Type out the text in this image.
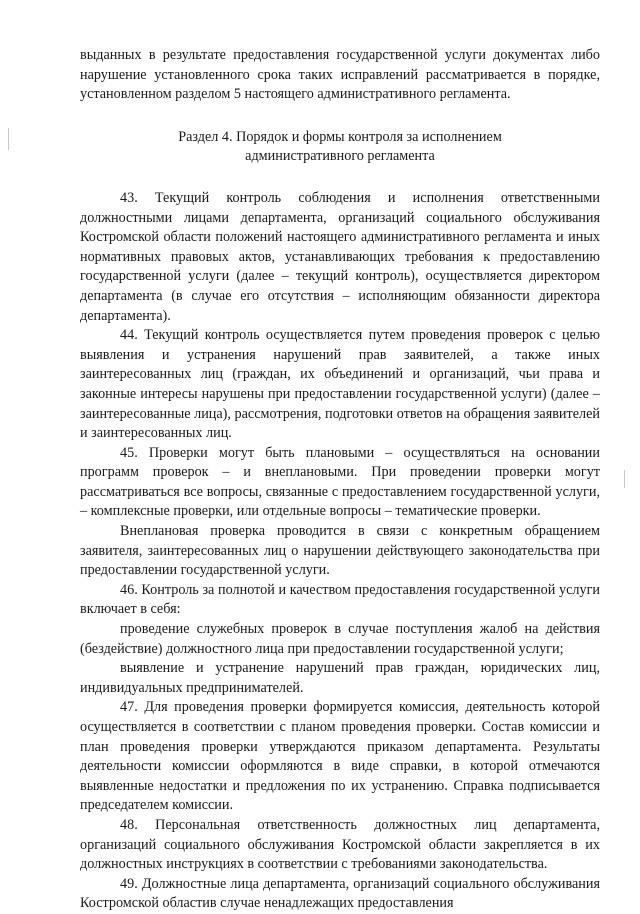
выданных в результате предоставления государственной услуги документах либо нарушение установленного срока таких исправлений рассматривается в порядке, установленном разделом 5 настоящего административного регламента.

Раздел 4. Порядок и формы контроля за исполнением
административного регламента

43. Текущий контроль соблюдения и исполнения ответственными должностными лицами департамента, организаций социального обслуживания Костромской области положений настоящего административного регламента и иных нормативных правовых актов, устанавливающих требования к предоставлению государственной услуги (далее – текущий контроль), осуществляется директором департамента (в случае его отсутствия – исполняющим обязанности директора департамента).

44. Текущий контроль осуществляется путем проведения проверок с целью выявления и устранения нарушений прав заявителей, а также иных заинтересованных лиц (граждан, их объединений и организаций, чьи права и законные интересы нарушены при предоставлении государственной услуги) (далее – заинтересованные лица), рассмотрения, подготовки ответов на обращения заявителей и заинтересованных лиц.

45. Проверки могут быть плановыми – осуществляться на основании программ проверок – и внеплановыми. При проведении проверки могут рассматриваться все вопросы, связанные с предоставлением государственной услуги, – комплексные проверки, или отдельные вопросы – тематические проверки.

Внеплановая проверка проводится в связи с конкретным обращением заявителя, заинтересованных лиц о нарушении действующего законодательства при предоставлении государственной услуги.

46. Контроль за полнотой и качеством предоставления государственной услуги включает в себя:

проведение служебных проверок в случае поступления жалоб на действия (бездействие) должностного лица при предоставлении государственной услуги;

выявление и устранение нарушений прав граждан, юридических лиц, индивидуальных предпринимателей.

47. Для проведения проверки формируется комиссия, деятельность которой осуществляется в соответствии с планом проведения проверки. Состав комиссии и план проведения проверки утверждаются приказом департамента. Результаты деятельности комиссии оформляются в виде справки, в которой отмечаются выявленные недостатки и предложения по их устранению. Справка подписывается председателем комиссии.

48. Персональная ответственность должностных лиц департамента, организаций социального обслуживания Костромской области закрепляется в их должностных инструкциях в соответствии с требованиями законодательства.

49. Должностные лица департамента, организаций социального обслуживания Костромской областив случае ненадлежащих предоставления
